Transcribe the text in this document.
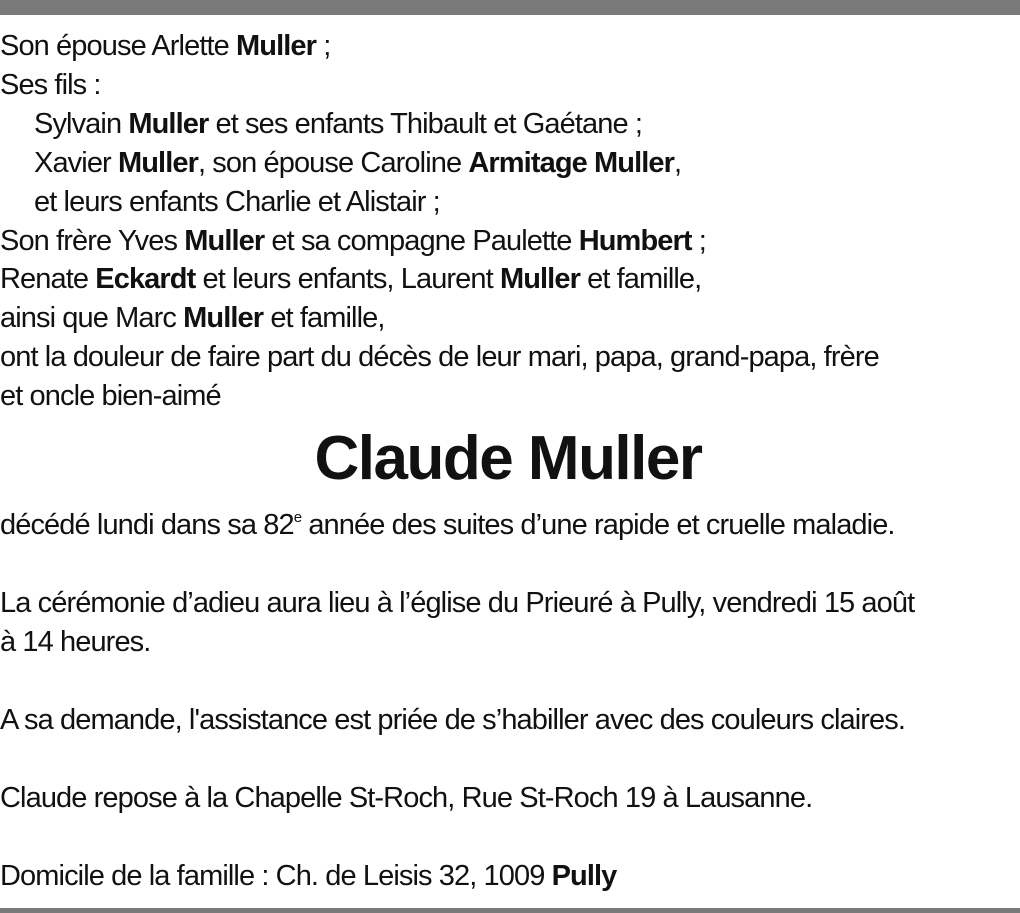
Son épouse Arlette Muller ;
Ses fils :
Sylvain Muller et ses enfants Thibault et Gaétane ;
Xavier Muller, son épouse Caroline Armitage Muller,
et leurs enfants Charlie et Alistair ;
Son frère Yves Muller et sa compagne Paulette Humbert ;
Renate Eckardt et leurs enfants, Laurent Muller et famille,
ainsi que Marc Muller et famille,
ont la douleur de faire part du décès de leur mari, papa, grand-papa, frère
et oncle bien-aimé
Claude Muller
décédé lundi dans sa 82e année des suites d’une rapide et cruelle maladie.
La cérémonie d’adieu aura lieu à l’église du Prieuré à Pully, vendredi 15 août
à 14 heures.
A sa demande, l'assistance est priée de s’habiller avec des couleurs claires.
Claude repose à la Chapelle St-Roch, Rue St-Roch 19 à Lausanne.
Domicile de la famille : Ch. de Leisis 32, 1009 Pully
